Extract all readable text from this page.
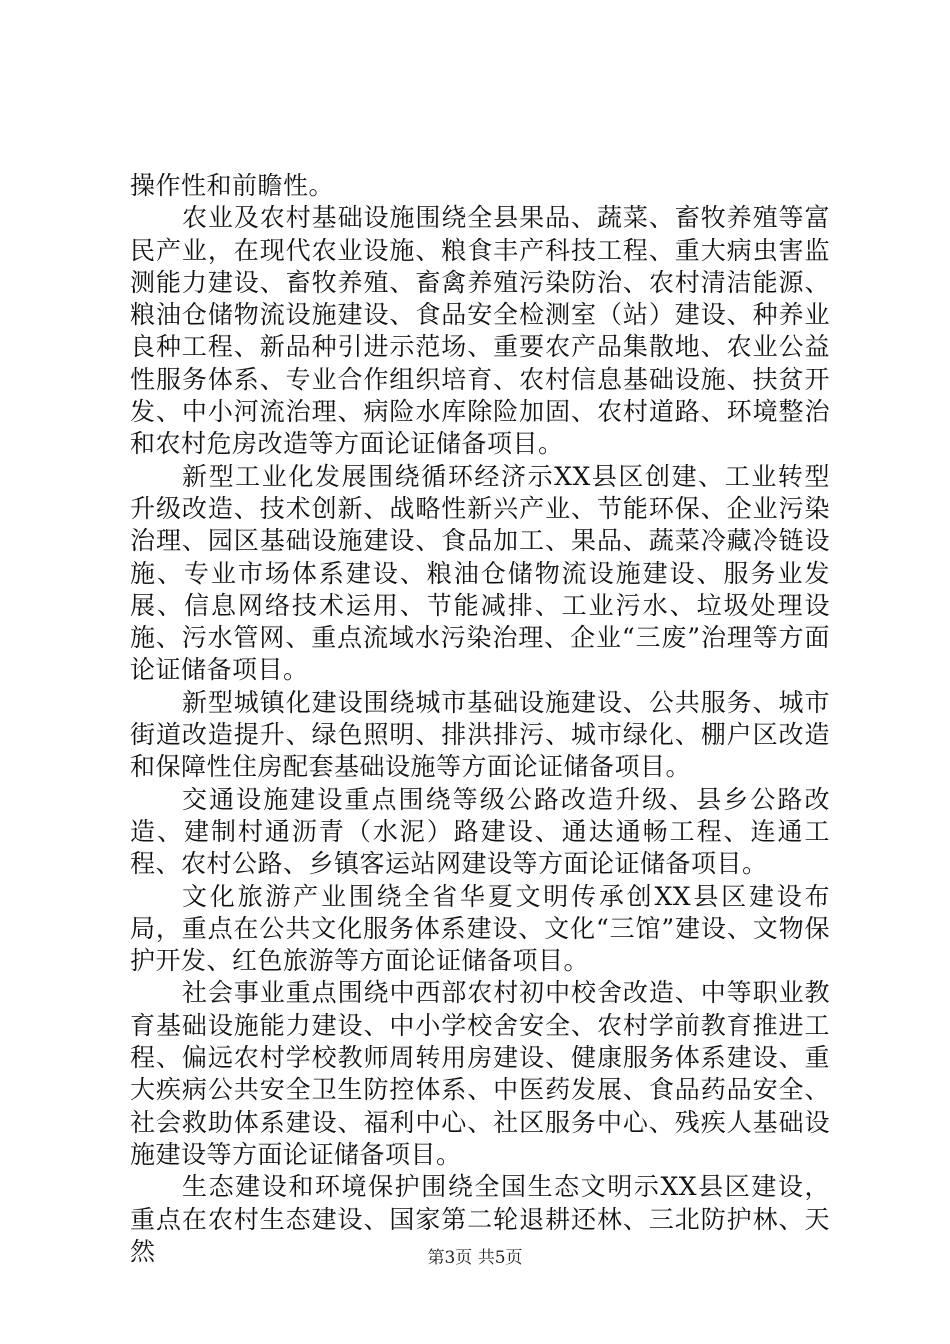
操作性和前瞻性。

农业及农村基础设施围绕全县果品、蔬菜、畜牧养殖等富民产业，在现代农业设施、粮食丰产科技工程、重大病虫害监测能力建设、畜牧养殖、畜禽养殖污染防治、农村清洁能源、粮油仓储物流设施建设、食品安全检测室（站）建设、种养业良种工程、新品种引进示范场、重要农产品集散地、农业公益性服务体系、专业合作组织培育、农村信息基础设施、扶贫开发、中小河流治理、病险水库除险加固、农村道路、环境整治和农村危房改造等方面论证储备项目。

新型工业化发展围绕循环经济示XX县区创建、工业转型升级改造、技术创新、战略性新兴产业、节能环保、企业污染治理、园区基础设施建设、食品加工、果品、蔬菜冷藏冷链设施、专业市场体系建设、粮油仓储物流设施建设、服务业发展、信息网络技术运用、节能减排、工业污水、垃圾处理设施、污水管网、重点流域水污染治理、企业“三废”治理等方面论证储备项目。

新型城镇化建设围绕城市基础设施建设、公共服务、城市街道改造提升、绿色照明、排洪排污、城市绿化、棚户区改造和保障性住房配套基础设施等方面论证储备项目。

交通设施建设重点围绕等级公路改造升级、县乡公路改造、建制村通沥青（水泥）路建设、通达通畅工程、连通工程、农村公路、乡镇客运站网建设等方面论证储备项目。

文化旅游产业围绕全省华夏文明传承创XX县区建设布局，重点在公共文化服务体系建设、文化“三馆”建设、文物保护开发、红色旅游等方面论证储备项目。

社会事业重点围绕中西部农村初中校舍改造、中等职业教育基础设施能力建设、中小学校舍安全、农村学前教育推进工程、偏远农村学校教师周转用房建设、健康服务体系建设、重大疾病公共安全卫生防控体系、中医药发展、食品药品安全、社会救助体系建设、福利中心、社区服务中心、残疾人基础设施建设等方面论证储备项目。

生态建设和环境保护围绕全国生态文明示XX县区建设，重点在农村生态建设、国家第二轮退耕还林、三北防护林、天然	第3页 共5页
